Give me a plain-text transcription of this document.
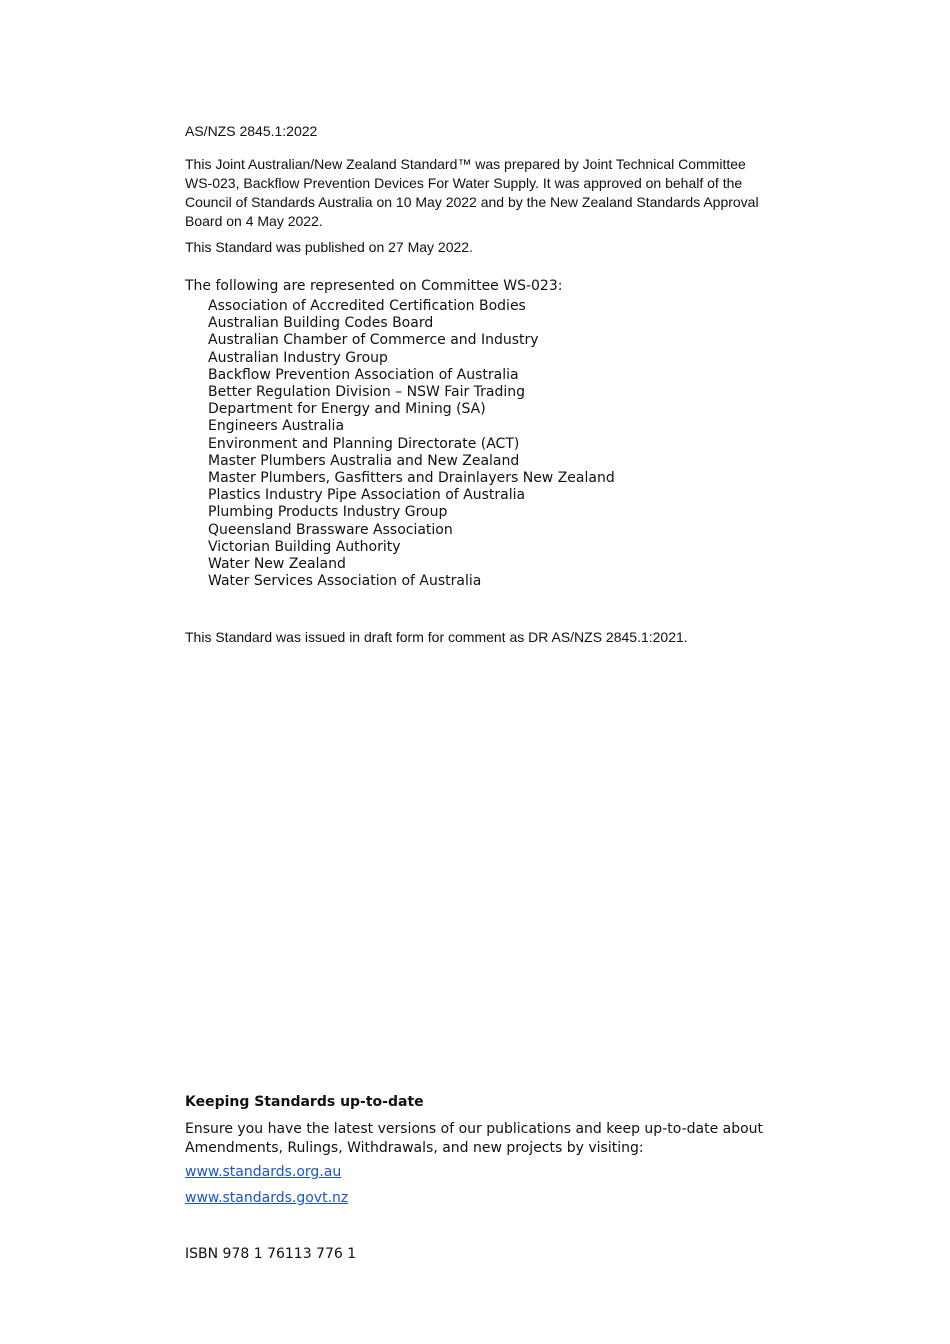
AS/NZS 2845.1:2022

This Joint Australian/New Zealand Standard™ was prepared by Joint Technical Committee WS-023, Backflow Prevention Devices For Water Supply. It was approved on behalf of the Council of Standards Australia on 10 May 2022 and by the New Zealand Standards Approval Board on 4 May 2022.

This Standard was published on 27 May 2022.

The following are represented on Committee WS-023:

Association of Accredited Certification Bodies
Australian Building Codes Board
Australian Chamber of Commerce and Industry
Australian Industry Group
Backflow Prevention Association of Australia
Better Regulation Division – NSW Fair Trading
Department for Energy and Mining (SA)
Engineers Australia
Environment and Planning Directorate (ACT)
Master Plumbers Australia and New Zealand
Master Plumbers, Gasfitters and Drainlayers New Zealand
Plastics Industry Pipe Association of Australia
Plumbing Products Industry Group
Queensland Brassware Association
Victorian Building Authority
Water New Zealand
Water Services Association of Australia

This Standard was issued in draft form for comment as DR AS/NZS 2845.1:2021.

Keeping Standards up-to-date

Ensure you have the latest versions of our publications and keep up-to-date about Amendments, Rulings, Withdrawals, and new projects by visiting:

www.standards.org.au
www.standards.govt.nz

ISBN 978 1 76113 776 1
